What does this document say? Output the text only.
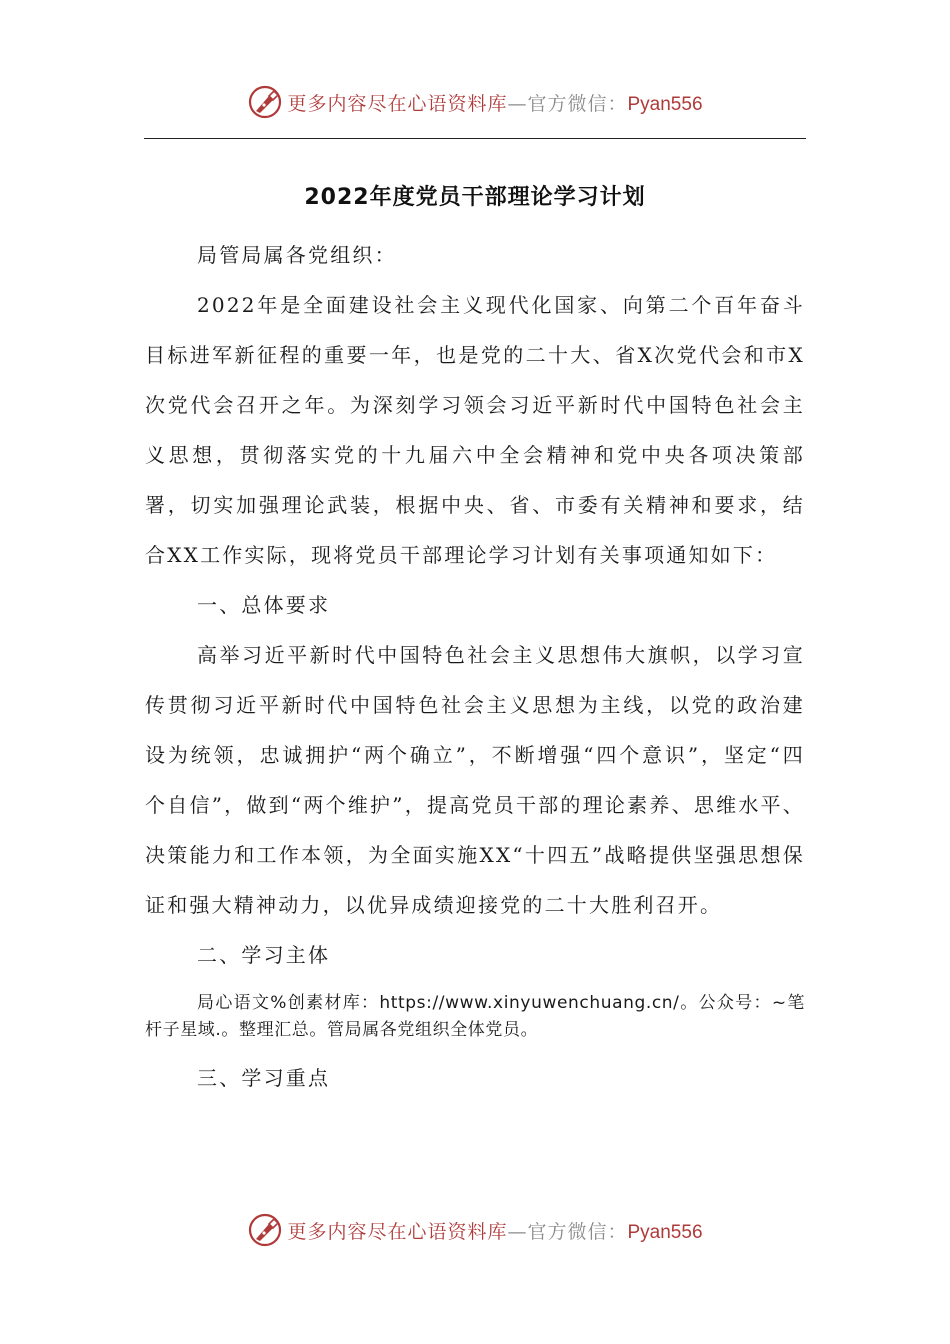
更多内容尽在心语资料库—官方微信：Pyan556
2022年度党员干部理论学习计划

局管局属各党组织：

2022年是全面建设社会主义现代化国家、向第二个百年奋斗目标进军新征程的重要一年，也是党的二十大、省X次党代会和市X次党代会召开之年。为深刻学习领会习近平新时代中国特色社会主义思想，贯彻落实党的十九届六中全会精神和党中央各项决策部署，切实加强理论武装，根据中央、省、市委有关精神和要求，结合XX工作实际，现将党员干部理论学习计划有关事项通知如下：

一、总体要求

高举习近平新时代中国特色社会主义思想伟大旗帜，以学习宣传贯彻习近平新时代中国特色社会主义思想为主线，以党的政治建设为统领，忠诚拥护“两个确立”，不断增强“四个意识”，坚定“四个自信”，做到“两个维护”，提高党员干部的理论素养、思维水平、决策能力和工作本领，为全面实施XX“十四五”战略提供坚强思想保证和强大精神动力，以优异成绩迎接党的二十大胜利召开。

二、学习主体

局心语文%创素材库：https://www.xinyuwenchuang.cn/。公众号：~笔杆子星域.。整理汇总。管局属各党组织全体党员。

三、学习重点

更多内容尽在心语资料库—官方微信：Pyan556
